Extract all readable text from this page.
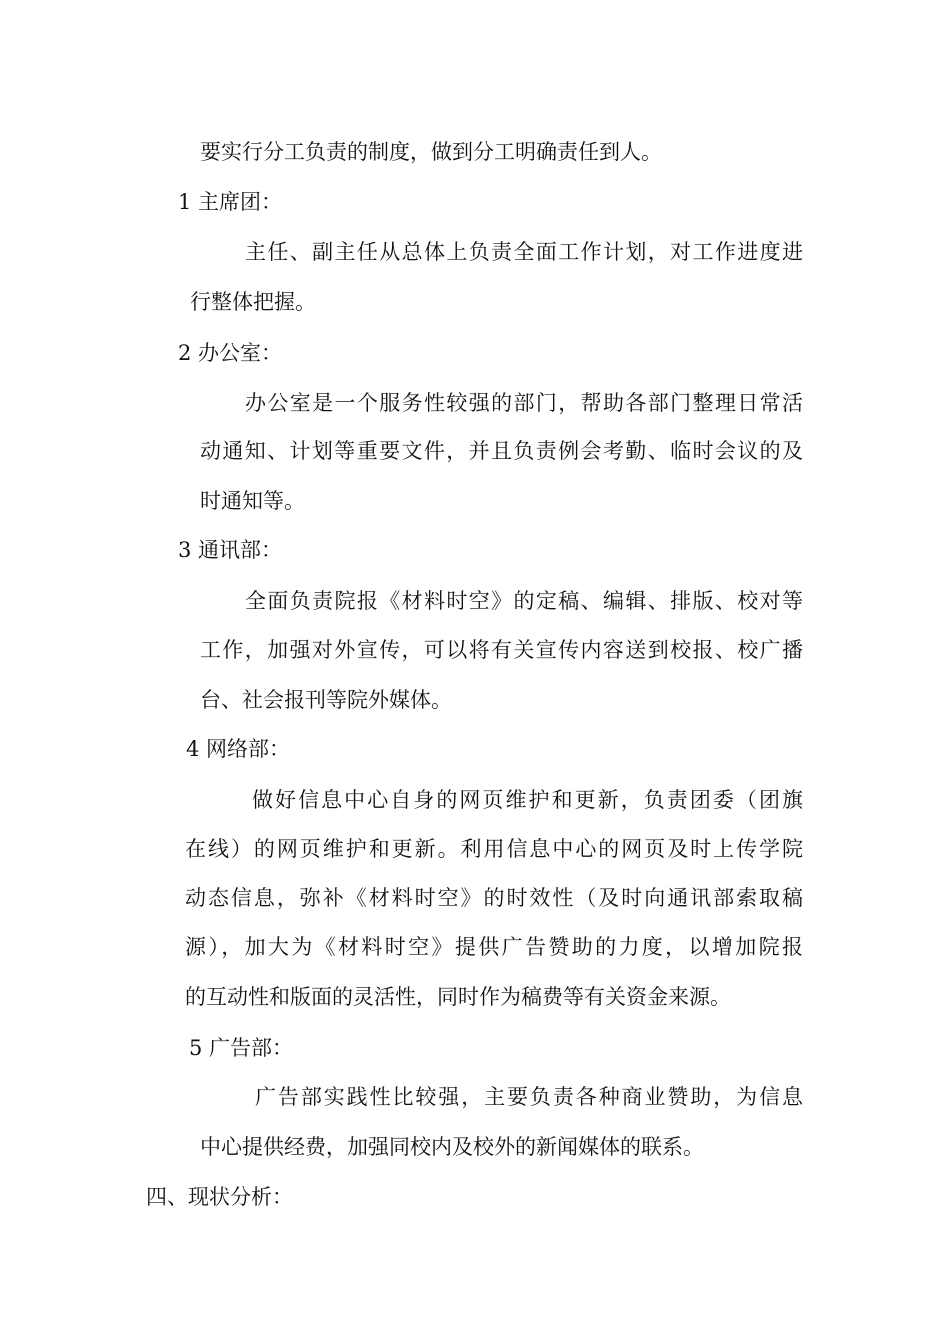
要实行分工负责的制度，做到分工明确责任到人。
1 主席团：
主任、副主任从总体上负责全面工作计划，对工作进度进
行整体把握。
2 办公室：
办公室是一个服务性较强的部门，帮助各部门整理日常活
动通知、计划等重要文件，并且负责例会考勤、临时会议的及
时通知等。
3 通讯部：
全面负责院报《材料时空》的定稿、编辑、排版、校对等
工作，加强对外宣传，可以将有关宣传内容送到校报、校广播
台、社会报刊等院外媒体。
4 网络部：
做好信息中心自身的网页维护和更新，负责团委（团旗
在线）的网页维护和更新。利用信息中心的网页及时上传学院
动态信息，弥补《材料时空》的时效性（及时向通讯部索取稿
源），加大为《材料时空》提供广告赞助的力度，以增加院报
的互动性和版面的灵活性，同时作为稿费等有关资金来源。
5 广告部：
广告部实践性比较强，主要负责各种商业赞助，为信息
中心提供经费，加强同校内及校外的新闻媒体的联系。
四、现状分析：
